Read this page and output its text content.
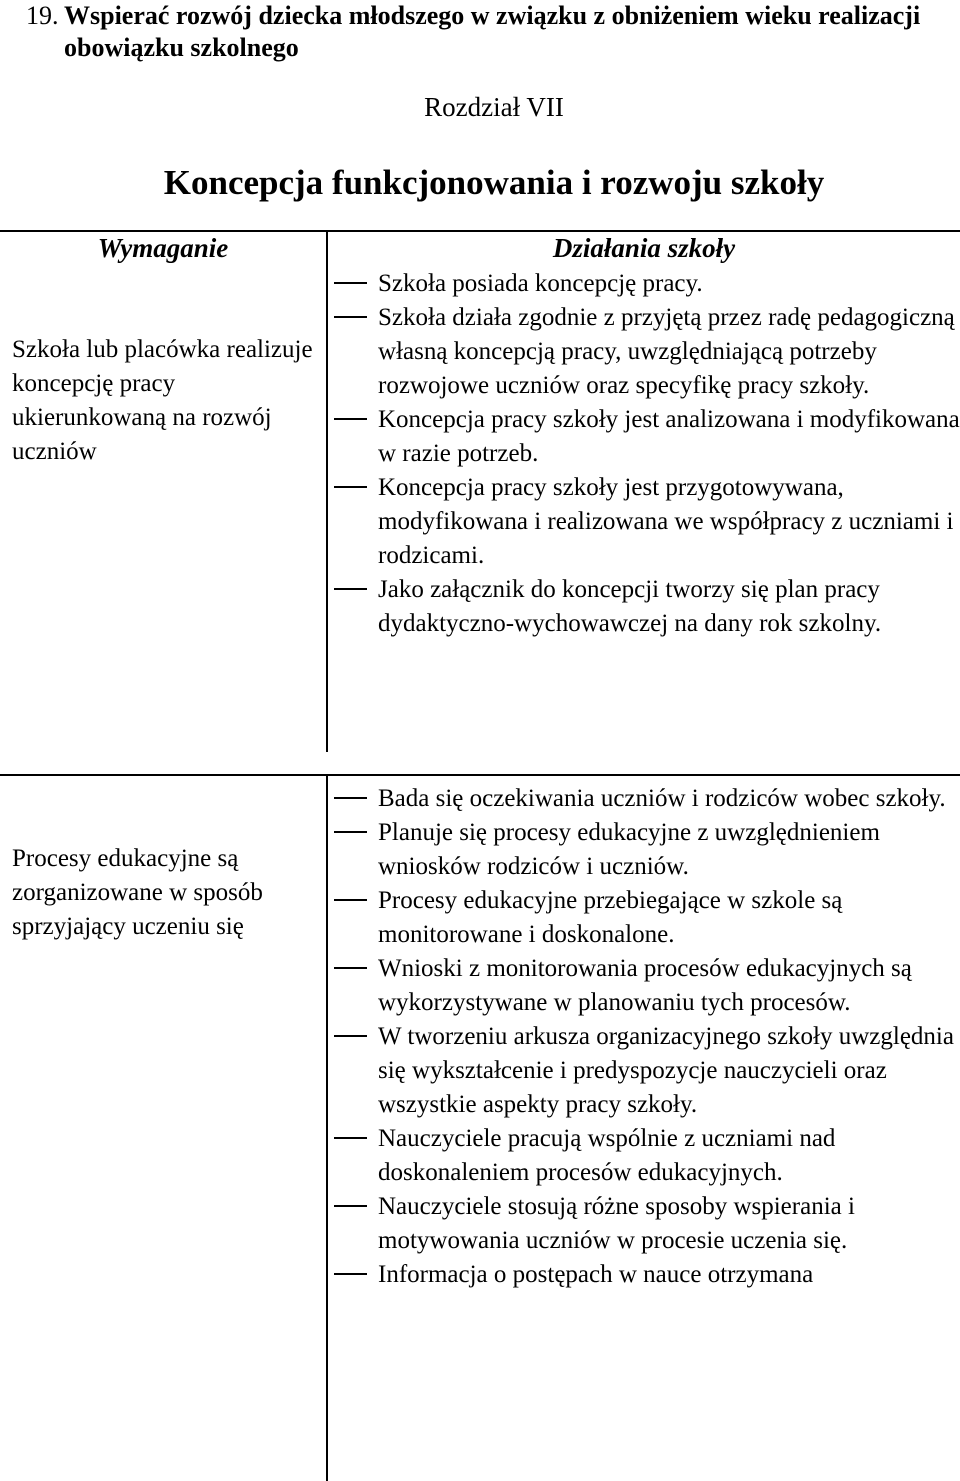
19. Wspierać rozwój dziecka młodszego w związku z obniżeniem wieku realizacji obowiązku szkolnego
Rozdział VII
Koncepcja funkcjonowania i rozwoju szkoły
Wymaganie	Działania szkoły
Szkoła lub placówka realizuje koncepcję pracy ukierunkowaną na rozwój uczniów
Szkoła posiada koncepcję pracy.
Szkoła działa zgodnie z przyjętą przez radę pedagogiczną własną koncepcją pracy, uwzględniającą potrzeby rozwojowe uczniów oraz specyfikę pracy szkoły.
Koncepcja pracy szkoły jest analizowana i modyfikowana w razie potrzeb.
Koncepcja pracy szkoły jest przygotowywana, modyfikowana i realizowana we współpracy z uczniami i rodzicami.
Jako załącznik do koncepcji tworzy się plan pracy dydaktyczno-wychowawczej na dany rok szkolny.
Procesy edukacyjne są zorganizowane w sposób sprzyjający uczeniu się
Bada się oczekiwania uczniów i rodziców wobec szkoły.
Planuje się procesy edukacyjne z uwzględnieniem wniosków rodziców i uczniów.
Procesy edukacyjne przebiegające w szkole są monitorowane i doskonalone.
Wnioski z monitorowania procesów edukacyjnych są wykorzystywane w planowaniu tych procesów.
W tworzeniu arkusza organizacyjnego szkoły uwzględnia się wykształcenie i predyspozycje nauczycieli oraz wszystkie aspekty pracy szkoły.
Nauczyciele pracują wspólnie z uczniami nad doskonaleniem procesów edukacyjnych.
Nauczyciele stosują różne sposoby wspierania i motywowania uczniów w procesie uczenia się.
Informacja o postępach w nauce otrzymana
